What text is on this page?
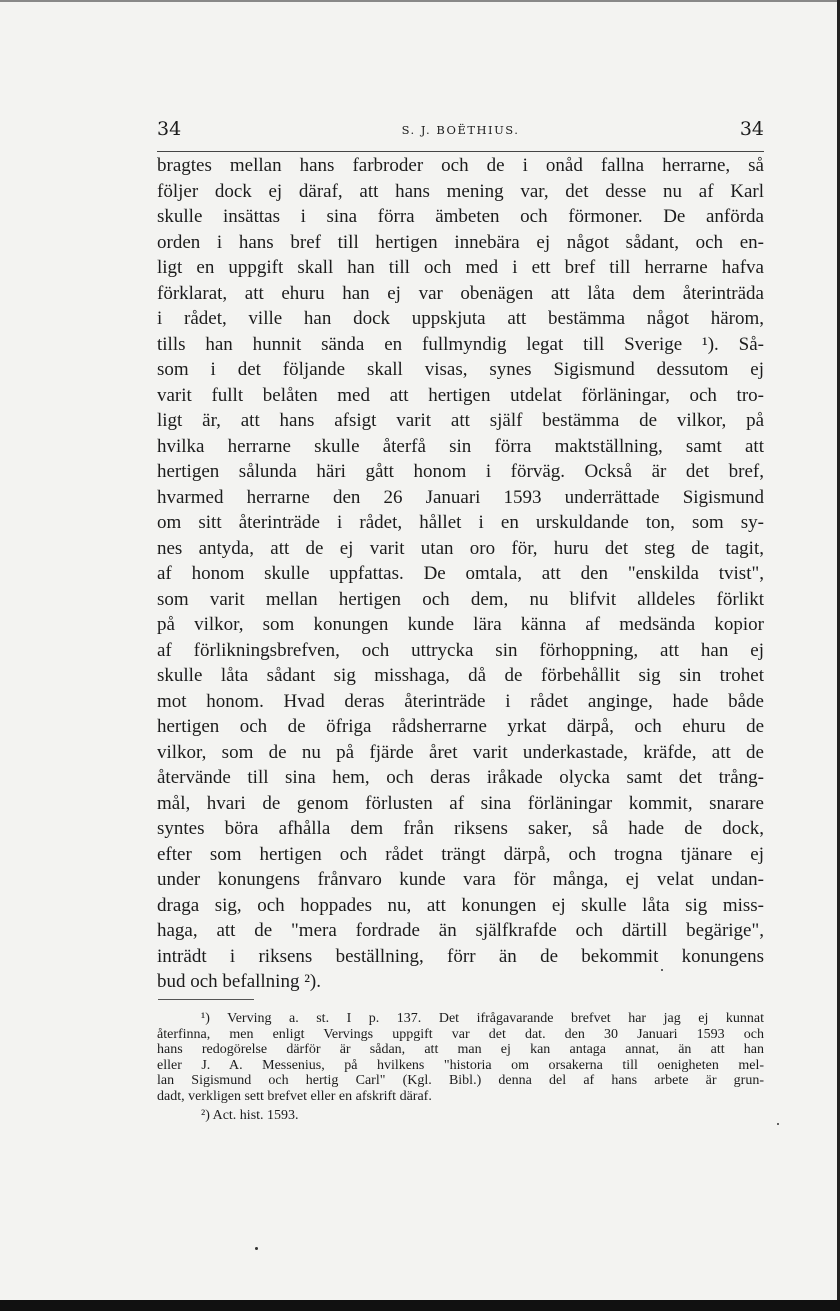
34	S. J. BOËTHIUS.	34
bragtes mellan hans farbroder och de i onåd fallna herrarne, så
följer dock ej däraf, att hans mening var, det desse nu af Karl
skulle insättas i sina förra ämbeten och förmoner. De anförda
orden i hans bref till hertigen innebära ej något sådant, och en-
ligt en uppgift skall han till och med i ett bref till herrarne hafva
förklarat, att ehuru han ej var obenägen att låta dem återinträda
i rådet, ville han dock uppskjuta att bestämma något härom,
tills han hunnit sända en fullmyndig legat till Sverige ¹). Så-
som i det följande skall visas, synes Sigismund dessutom ej
varit fullt belåten med att hertigen utdelat förläningar, och tro-
ligt är, att hans afsigt varit att själf bestämma de vilkor, på
hvilka herrarne skulle återfå sin förra maktställning, samt att
hertigen sålunda häri gått honom i förväg. Också är det bref,
hvarmed herrarne den 26 Januari 1593 underrättade Sigismund
om sitt återinträde i rådet, hållet i en urskuldande ton, som sy-
nes antyda, att de ej varit utan oro för, huru det steg de tagit,
af honom skulle uppfattas. De omtala, att den "enskilda tvist",
som varit mellan hertigen och dem, nu blifvit alldeles förlikt
på vilkor, som konungen kunde lära känna af medsända kopior
af förlikningsbrefven, och uttrycka sin förhoppning, att han ej
skulle låta sådant sig misshaga, då de förbehållit sig sin trohet
mot honom. Hvad deras återinträde i rådet anginge, hade både
hertigen och de öfriga rådsherrarne yrkat därpå, och ehuru de
vilkor, som de nu på fjärde året varit underkastade, kräfde, att de
återvände till sina hem, och deras iråkade olycka samt det trång-
mål, hvari de genom förlusten af sina förläningar kommit, snarare
syntes böra afhålla dem från riksens saker, så hade de dock,
efter som hertigen och rådet trängt därpå, och trogna tjänare ej
under konungens frånvaro kunde vara för många, ej velat undan-
draga sig, och hoppades nu, att konungen ej skulle låta sig miss-
haga, att de "mera fordrade än själfkrafde och därtill begärige",
inträdt i riksens beställning, förr än de bekommit konungens
bud och befallning ²).
¹) Verving a. st. I p. 137. Det ifrågavarande brefvet har jag ej kunnat
återfinna, men enligt Vervings uppgift var det dat. den 30 Januari 1593 och
hans redogörelse därför är sådan, att man ej kan antaga annat, än att han
eller J. A. Messenius, på hvilkens "historia om orsakerna till oenigheten mel-
lan Sigismund och hertig Carl" (Kgl. Bibl.) denna del af hans arbete är grun-
dadt, verkligen sett brefvet eller en afskrift däraf.
²) Act. hist. 1593.
